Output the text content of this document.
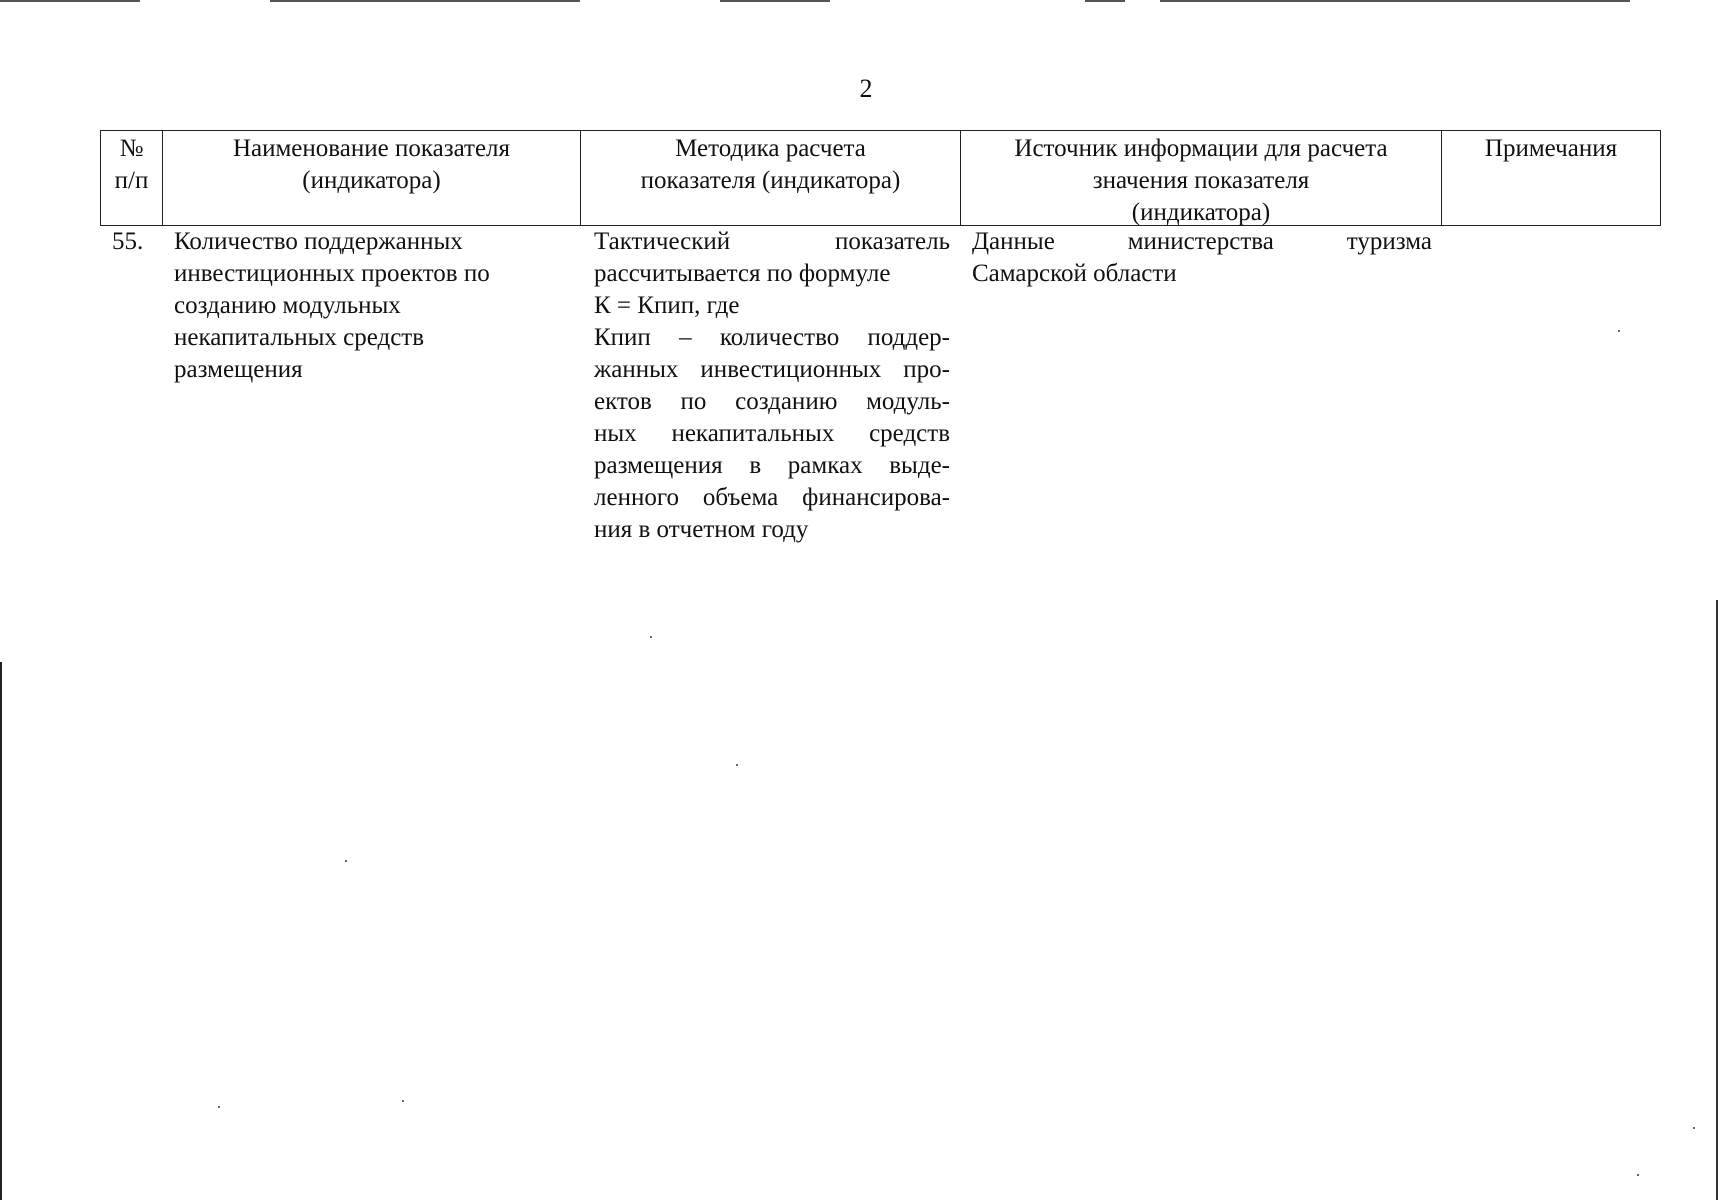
2
№
п/п
Наименование показателя
(индикатора)
Методика расчета
показателя (индикатора)
Источник информации для расчета
значения показателя
(индикатора)
Примечания
55.	Количество поддержанных
инвестиционных проектов по
созданию модульных
некапитальных средств
размещения
Тактический показатель
рассчитывается по формуле
К = Кпип, где
Кпип – количество поддер-
жанных инвестиционных про-
ектов по созданию модуль-
ных некапитальных средств
размещения в рамках выде-
ленного объема финансирова-
ния в отчетном году
Данные министерства туризма
Самарской области
